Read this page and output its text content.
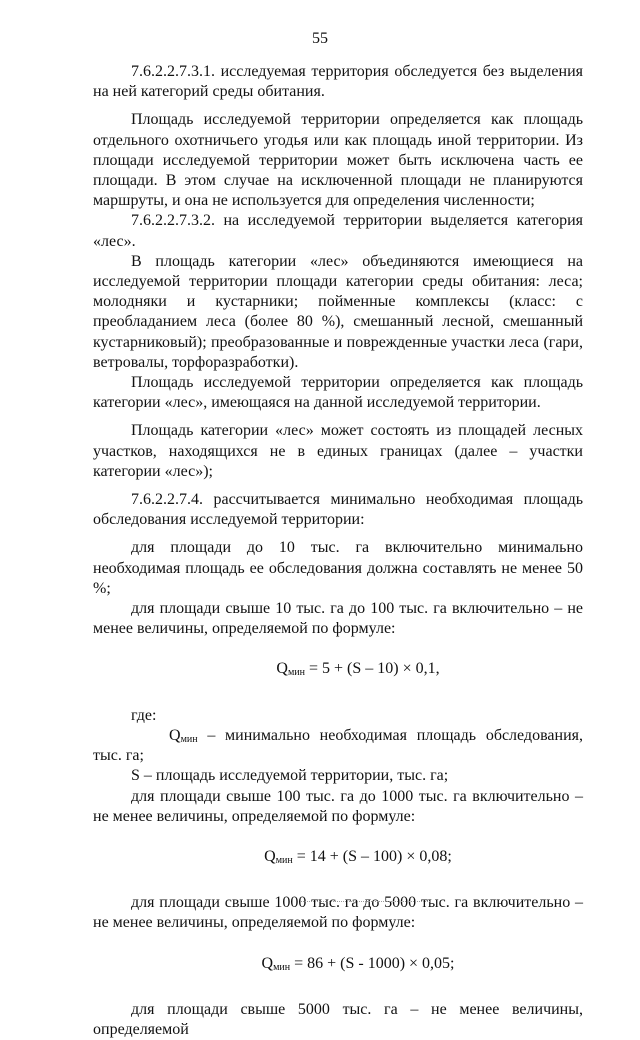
55

7.6.2.2.7.3.1. исследуемая территория обследуется без выделения на ней категорий среды обитания.

Площадь исследуемой территории определяется как площадь отдельного охотничьего угодья или как площадь иной территории. Из площади исследуемой территории может быть исключена часть ее площади. В этом случае на исключенной площади не планируются маршруты, и она не используется для определения численности;

7.6.2.2.7.3.2. на исследуемой территории выделяется категория «лес».

В площадь категории «лес» объединяются имеющиеся на исследуемой территории площади категории среды обитания: леса; молодняки и кустарники; пойменные комплексы (класс: с преобладанием леса (более 80 %), смешанный лесной, смешанный кустарниковый); преобразованные и поврежденные участки леса (гари, ветровалы, торфоразработки).

Площадь исследуемой территории определяется как площадь категории «лес», имеющаяся на данной исследуемой территории.

Площадь категории «лес» может состоять из площадей лесных участков, находящихся не в единых границах (далее – участки категории «лес»);

7.6.2.2.7.4. рассчитывается минимально необходимая площадь обследования исследуемой территории:

для площади до 10 тыс. га включительно минимально необходимая площадь ее обследования должна составлять не менее 50 %;

для площади свыше 10 тыс. га до 100 тыс. га включительно – не менее величины, определяемой по формуле:

$Q_{мин} = 5 + (S - 10) \times 0,1$,

где:

$Q_{мин}$ – минимально необходимая площадь обследования, тыс. га;

S – площадь исследуемой территории, тыс. га;

для площади свыше 100 тыс. га до 1000 тыс. га включительно – не менее величины, определяемой по формуле:

$Q_{мин} = 14 + (S - 100) \times 0,08$;

для площади свыше 1000 тыс. га до 5000 тыс. га включительно – не менее величины, определяемой по формуле:

$Q_{мин} = 86 + (S - 1000) \times 0,05$;

для площади свыше 5000 тыс. га – не менее величины, определяемой
